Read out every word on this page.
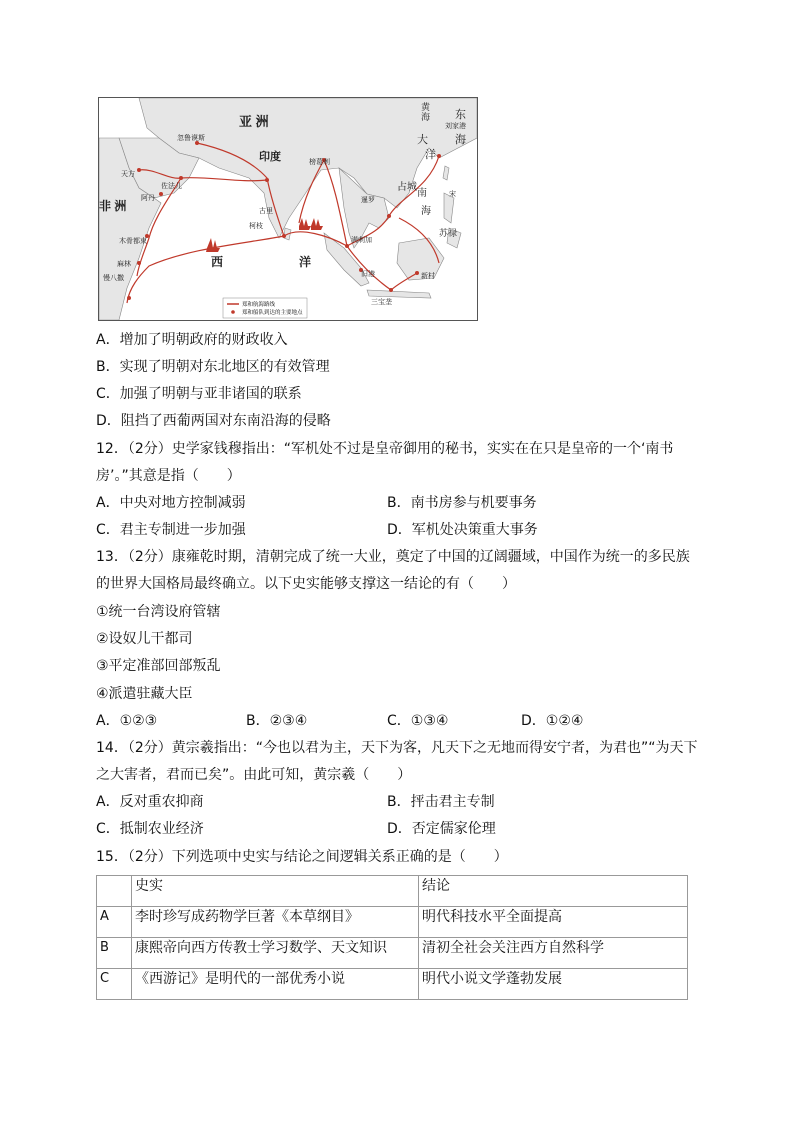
亚 洲
非 洲
西	洋
印度
大
洋
东
海
黄
海
刘家港
忽鲁谟斯
天方
佐法儿
阿丹
木骨都束
麻林
慢八撒
古里
柯枝
榜葛剌
暹罗
占城
南
海
宋
苏禄
满剌加
旧港	新村
三宝垄
郑和航海路线
郑和船队到达的主要地点
A．增加了明朝政府的财政收入
B．实现了明朝对东北地区的有效管理
C．加强了明朝与亚非诸国的联系
D．阻挡了西葡两国对东南沿海的侵略
12．（2分）史学家钱穆指出：“军机处不过是皇帝御用的秘书，实实在在只是皇帝的一个‘南书
房’。”其意是指（　　）
A．中央对地方控制减弱	B．南书房参与机要事务
C．君主专制进一步加强	D．军机处决策重大事务
13．（2分）康雍乾时期，清朝完成了统一大业，奠定了中国的辽阔疆域，中国作为统一的多民族
的世界大国格局最终确立。以下史实能够支撑这一结论的有（　　）
①统一台湾设府管辖
②设奴儿干都司
③平定准部回部叛乱
④派遣驻藏大臣
A．①②③	B．②③④	C．①③④	D．①②④
14．（2分）黄宗羲指出：“今也以君为主，天下为客，凡天下之无地而得安宁者，为君也”“为天下
之大害者，君而已矣”。由此可知，黄宗羲（　　）
A．反对重农抑商	B．抨击君主专制
C．抵制农业经济	D．否定儒家伦理
15．（2分）下列选项中史实与结论之间逻辑关系正确的是（　　）
	史实	结论
A	李时珍写成药物学巨著《本草纲目》	明代科技水平全面提高
B	康熙帝向西方传教士学习数学、天文知识	清初全社会关注西方自然科学
C	《西游记》是明代的一部优秀小说	明代小说文学蓬勃发展
